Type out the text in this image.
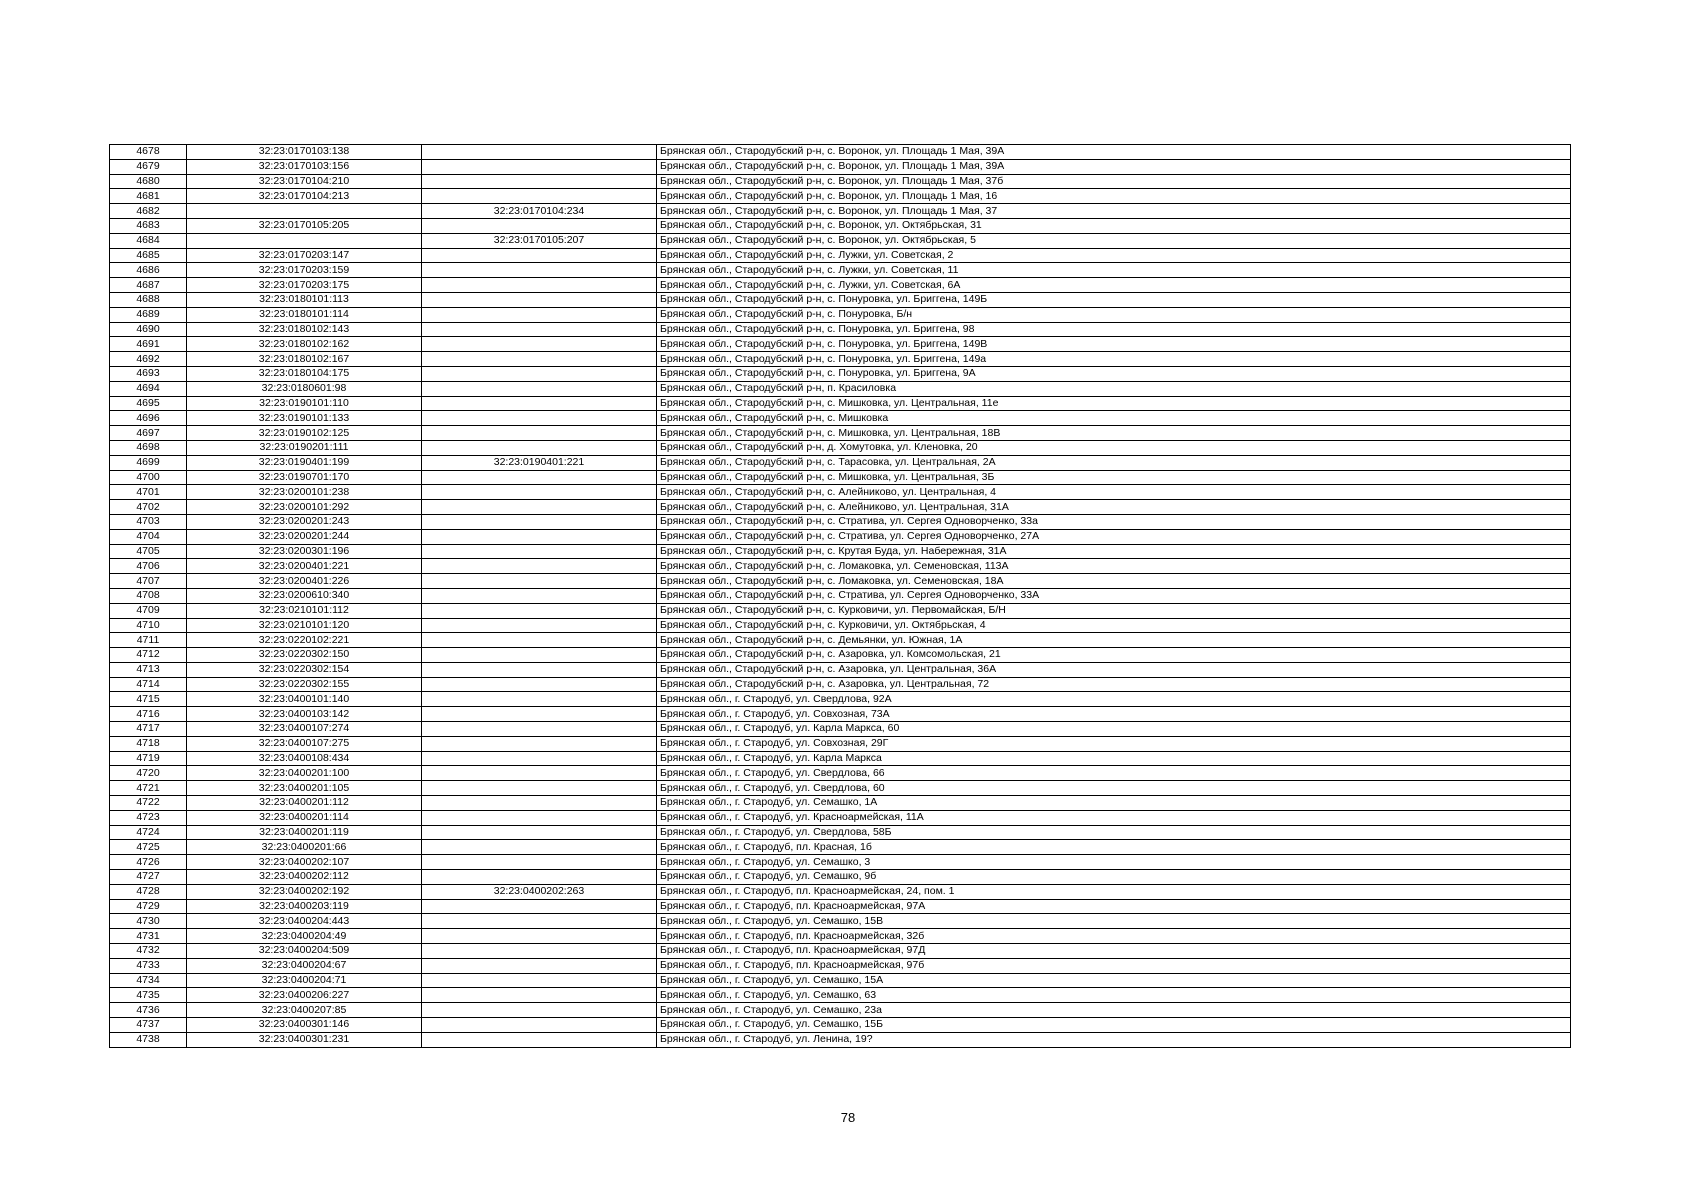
4678	32:23:0170103:138		Брянская обл., Стародубский р-н, с. Воронок, ул. Площадь 1 Мая, 39А
4679	32:23:0170103:156		Брянская обл., Стародубский р-н, с. Воронок, ул. Площадь 1 Мая, 39А
4680	32:23:0170104:210		Брянская обл., Стародубский р-н, с. Воронок, ул. Площадь 1 Мая, 37б
4681	32:23:0170104:213		Брянская обл., Стародубский р-н, с. Воронок, ул. Площадь 1 Мая, 16
4682		32:23:0170104:234	Брянская обл., Стародубский р-н, с. Воронок, ул. Площадь 1 Мая, 37
4683	32:23:0170105:205		Брянская обл., Стародубский р-н, с. Воронок, ул. Октябрьская, 31
4684		32:23:0170105:207	Брянская обл., Стародубский р-н, с. Воронок, ул. Октябрьская, 5
4685	32:23:0170203:147		Брянская обл., Стародубский р-н, с. Лужки, ул. Советская, 2
4686	32:23:0170203:159		Брянская обл., Стародубский р-н, с. Лужки, ул. Советская, 11
4687	32:23:0170203:175		Брянская обл., Стародубский р-н, с. Лужки, ул. Советская, 6А
4688	32:23:0180101:113		Брянская обл., Стародубский р-н, с. Понуровка, ул. Бриггена, 149Б
4689	32:23:0180101:114		Брянская обл., Стародубский р-н, с. Понуровка, Б/н
4690	32:23:0180102:143		Брянская обл., Стародубский р-н, с. Понуровка, ул. Бриггена, 98
4691	32:23:0180102:162		Брянская обл., Стародубский р-н, с. Понуровка, ул. Бриггена, 149В
4692	32:23:0180102:167		Брянская обл., Стародубский р-н, с. Понуровка, ул. Бриггена, 149а
4693	32:23:0180104:175		Брянская обл., Стародубский р-н, с. Понуровка, ул. Бриггена, 9А
4694	32:23:0180601:98		Брянская обл., Стародубский р-н, п. Красиловка
4695	32:23:0190101:110		Брянская обл., Стародубский р-н, с. Мишковка, ул. Центральная, 11е
4696	32:23:0190101:133		Брянская обл., Стародубский р-н, с. Мишковка
4697	32:23:0190102:125		Брянская обл., Стародубский р-н, с. Мишковка, ул. Центральная, 18В
4698	32:23:0190201:111		Брянская обл., Стародубский р-н, д. Хомутовка, ул. Кленовка, 20
4699	32:23:0190401:199	32:23:0190401:221	Брянская обл., Стародубский р-н, с. Тарасовка, ул. Центральная, 2А
4700	32:23:0190701:170		Брянская обл., Стародубский р-н, с. Мишковка, ул. Центральная, 3Б
4701	32:23:0200101:238		Брянская обл., Стародубский р-н, с. Алейниково, ул. Центральная, 4
4702	32:23:0200101:292		Брянская обл., Стародубский р-н, с. Алейниково, ул. Центральная, 31А
4703	32:23:0200201:243		Брянская обл., Стародубский р-н, с. Стратива, ул. Сергея Одноворченко, 33а
4704	32:23:0200201:244		Брянская обл., Стародубский р-н, с. Стратива, ул. Сергея Одноворченко, 27А
4705	32:23:0200301:196		Брянская обл., Стародубский р-н, с. Крутая Буда, ул. Набережная, 31А
4706	32:23:0200401:221		Брянская обл., Стародубский р-н, с. Ломаковка, ул. Семеновская, 113А
4707	32:23:0200401:226		Брянская обл., Стародубский р-н, с. Ломаковка, ул. Семеновская, 18А
4708	32:23:0200610:340		Брянская обл., Стародубский р-н, с. Стратива, ул. Сергея Одноворченко, 33А
4709	32:23:0210101:112		Брянская обл., Стародубский р-н, с. Курковичи, ул. Первомайская, Б/Н
4710	32:23:0210101:120		Брянская обл., Стародубский р-н, с. Курковичи, ул. Октябрьская, 4
4711	32:23:0220102:221		Брянская обл., Стародубский р-н, с. Демьянки, ул. Южная, 1А
4712	32:23:0220302:150		Брянская обл., Стародубский р-н, с. Азаровка, ул. Комсомольская, 21
4713	32:23:0220302:154		Брянская обл., Стародубский р-н, с. Азаровка, ул. Центральная, 36А
4714	32:23:0220302:155		Брянская обл., Стародубский р-н, с. Азаровка, ул. Центральная, 72
4715	32:23:0400101:140		Брянская обл., г. Стародуб, ул. Свердлова, 92А
4716	32:23:0400103:142		Брянская обл., г. Стародуб, ул. Совхозная, 73А
4717	32:23:0400107:274		Брянская обл., г. Стародуб, ул. Карла Маркса, 60
4718	32:23:0400107:275		Брянская обл., г. Стародуб, ул. Совхозная, 29Г
4719	32:23:0400108:434		Брянская обл., г. Стародуб, ул. Карла Маркса
4720	32:23:0400201:100		Брянская обл., г. Стародуб, ул. Свердлова, 66
4721	32:23:0400201:105		Брянская обл., г. Стародуб, ул. Свердлова, 60
4722	32:23:0400201:112		Брянская обл., г. Стародуб, ул. Семашко, 1А
4723	32:23:0400201:114		Брянская обл., г. Стародуб, ул. Красноармейская, 11А
4724	32:23:0400201:119		Брянская обл., г. Стародуб, ул. Свердлова, 58Б
4725	32:23:0400201:66		Брянская обл., г. Стародуб, пл. Красная, 1б
4726	32:23:0400202:107		Брянская обл., г. Стародуб, ул. Семашко, 3
4727	32:23:0400202:112		Брянская обл., г. Стародуб, ул. Семашко, 9б
4728	32:23:0400202:192	32:23:0400202:263	Брянская обл., г. Стародуб, пл. Красноармейская, 24, пом. 1
4729	32:23:0400203:119		Брянская обл., г. Стародуб, пл. Красноармейская, 97А
4730	32:23:0400204:443		Брянская обл., г. Стародуб, ул. Семашко, 15В
4731	32:23:0400204:49		Брянская обл., г. Стародуб, пл. Красноармейская, 32б
4732	32:23:0400204:509		Брянская обл., г. Стародуб, пл. Красноармейская, 97Д
4733	32:23:0400204:67		Брянская обл., г. Стародуб, пл. Красноармейская, 97б
4734	32:23:0400204:71		Брянская обл., г. Стародуб, ул. Семашко, 15А
4735	32:23:0400206:227		Брянская обл., г. Стародуб, ул. Семашко, 63
4736	32:23:0400207:85		Брянская обл., г. Стародуб, ул. Семашко, 23а
4737	32:23:0400301:146		Брянская обл., г. Стародуб, ул. Семашко, 15Б
4738	32:23:0400301:231		Брянская обл., г. Стародуб, ул. Ленина, 19?
78
